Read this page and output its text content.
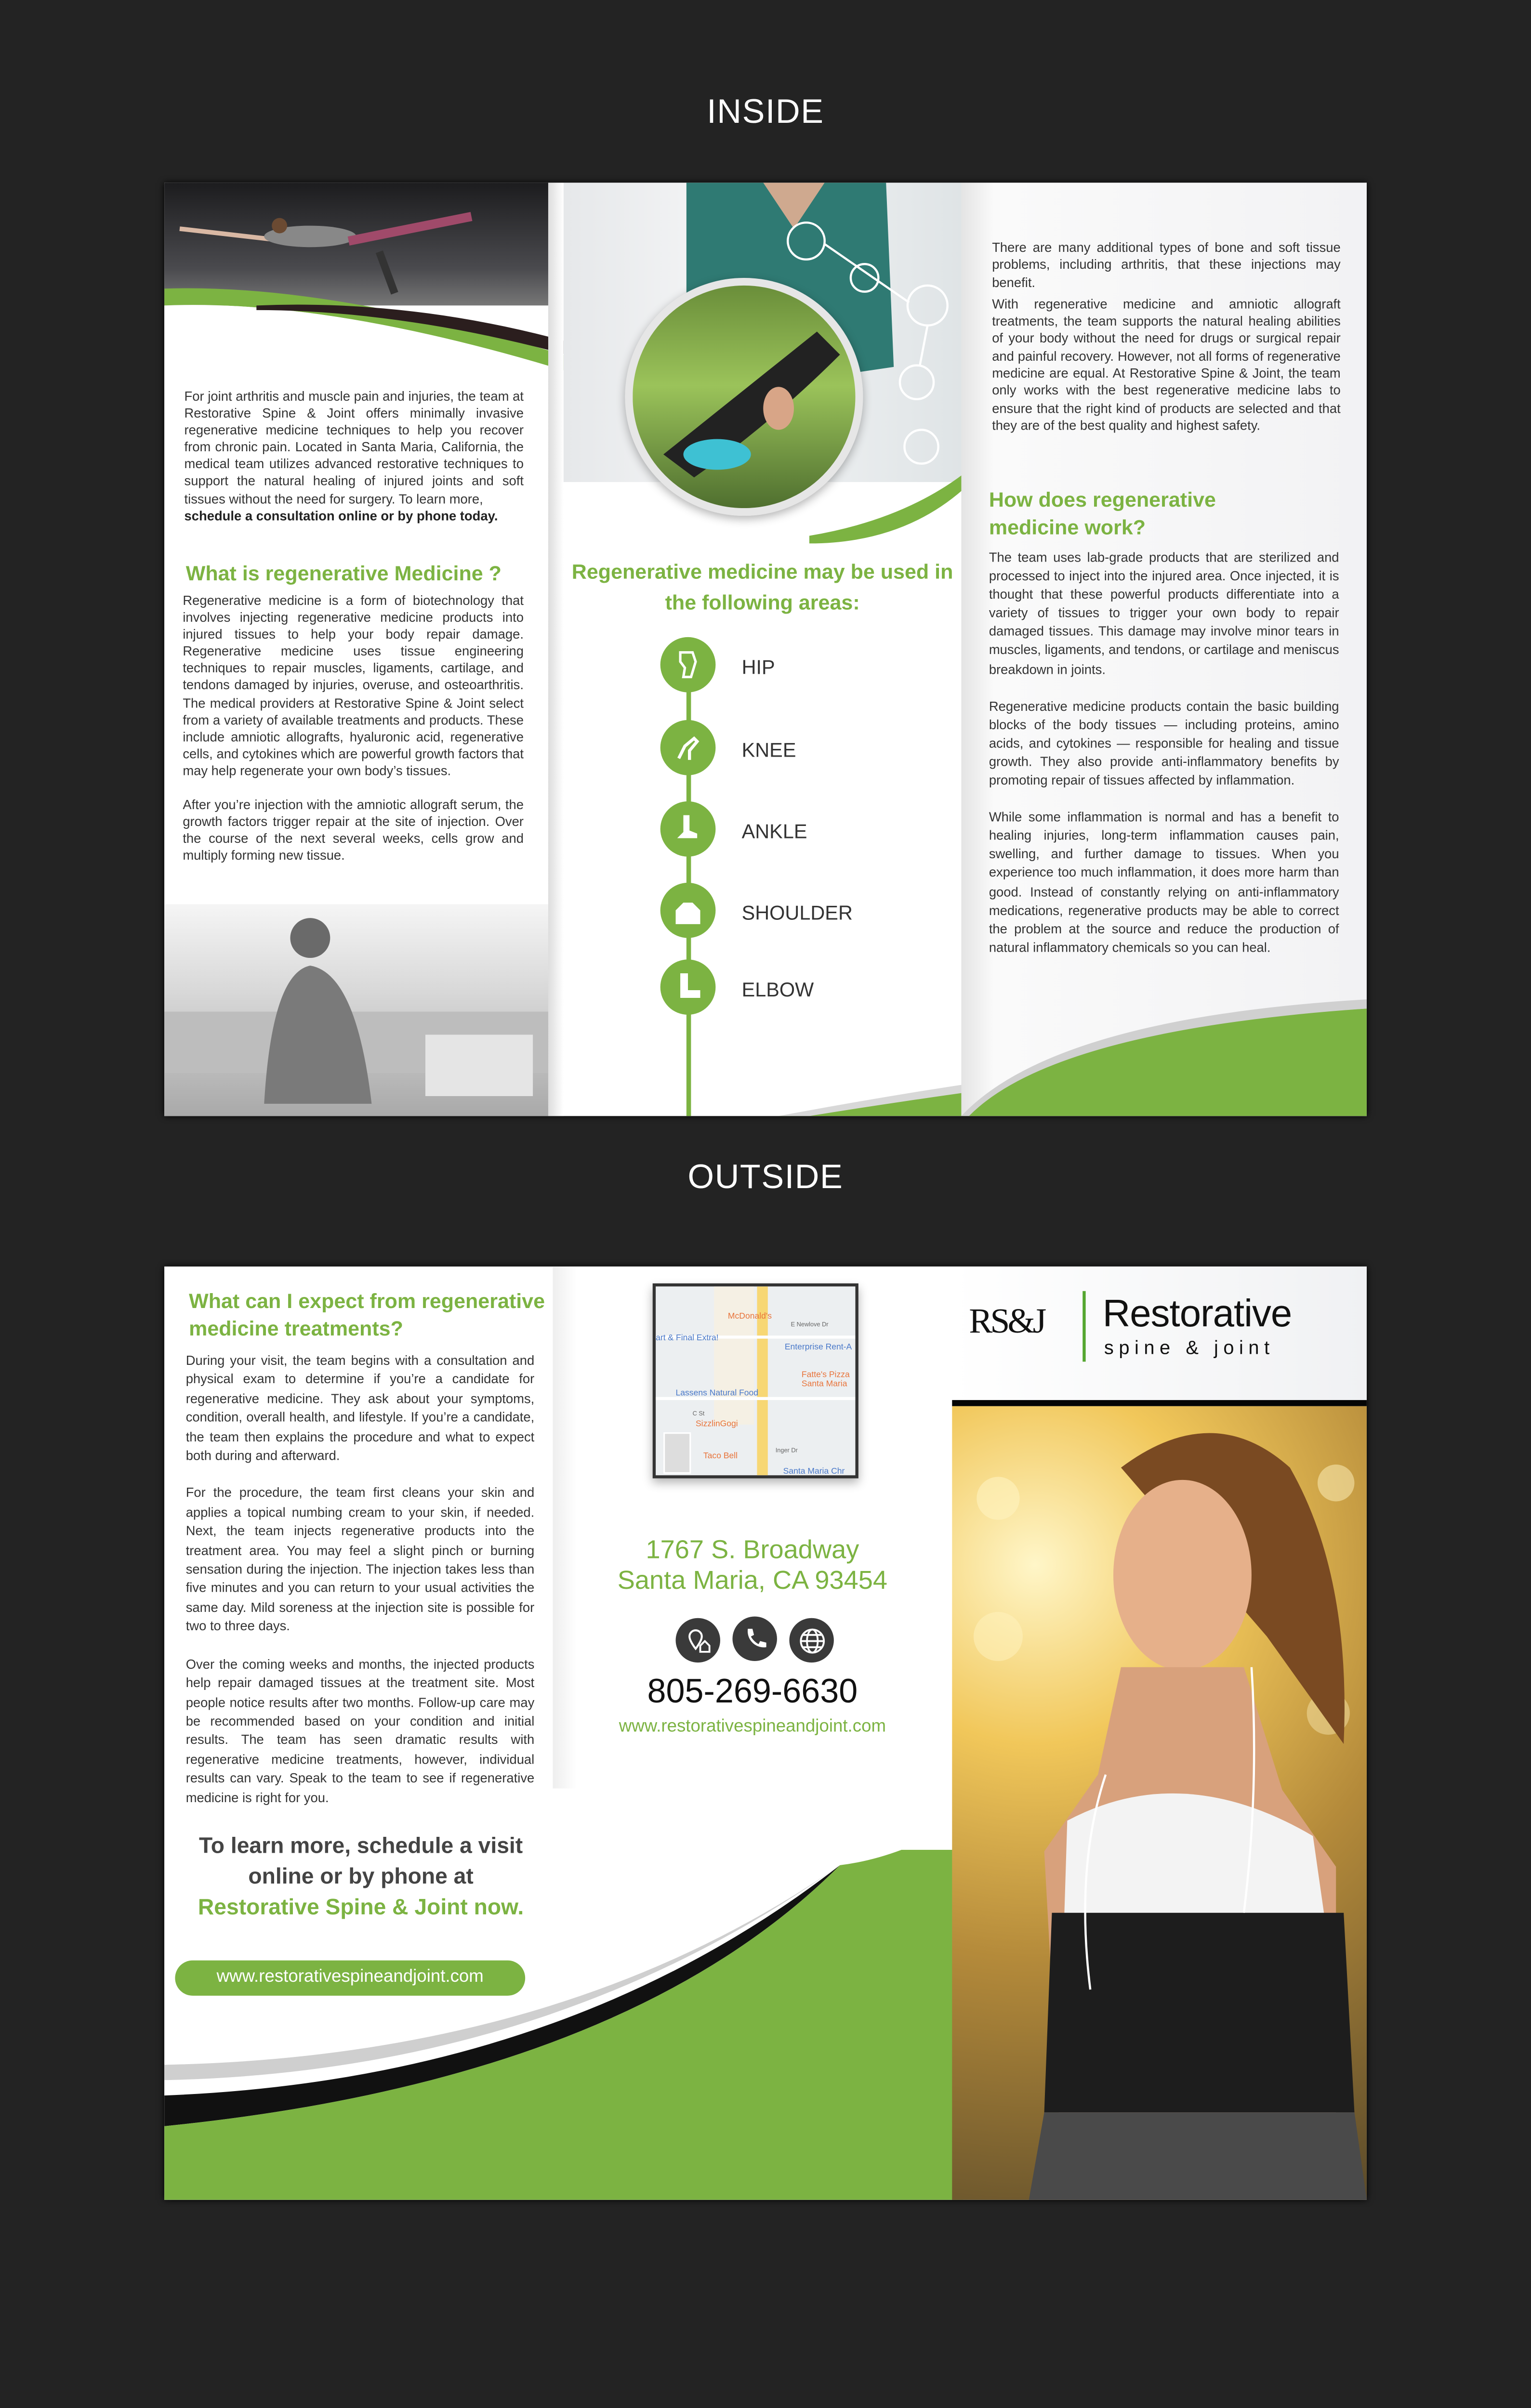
INSIDE

For joint arthritis and muscle pain and injuries, the team at Restorative Spine & Joint offers minimally invasive regenerative medicine techniques to help you recover from chronic pain. Located in Santa Maria, California, the medical team utilizes advanced restorative techniques to support the natural healing of injured joints and soft tissues without the need for surgery. To learn more,
schedule a consultation online or by phone today.

What is regenerative Medicine ?

Regenerative medicine is a form of biotechnology that involves injecting regenerative medicine products into injured tissues to help your body repair damage. Regenerative medicine uses tissue engineering techniques to repair muscles, ligaments, cartilage, and tendons damaged by injuries, overuse, and osteoarthritis. The medical providers at Restorative Spine & Joint select from a variety of available treatments and products. These include amniotic allografts, hyaluronic acid, regenerative cells, and cytokines which are powerful growth factors that may help regenerate your own body’s tissues.

After you’re injection with the amniotic allograft serum, the growth factors trigger repair at the site of injection. Over the course of the next several weeks, cells grow and multiply forming new tissue.

Regenerative medicine may be used in the following areas:

There are many additional types of bone and soft tissue problems, including arthritis, that these injections may benefit.

With regenerative medicine and amniotic allograft treatments, the team supports the natural healing abilities of your body without the need for drugs or surgical repair and painful recovery. However, not all forms of regenerative medicine are equal. At Restorative Spine & Joint, the team only works with the best regenerative medicine labs to ensure that the right kind of products are selected and that they are of the best quality and highest safety.

How does regenerative medicine work?

The team uses lab-grade products that are sterilized and processed to inject into the injured area. Once injected, it is thought that these powerful products differentiate into a variety of tissues to trigger your own body to repair damaged tissues. This damage may involve minor tears in muscles, ligaments, and tendons, or cartilage and meniscus breakdown in joints.

Regenerative medicine products contain the basic building blocks of the body tissues — including proteins, amino acids, and cytokines — responsible for healing and tissue growth. They also provide anti-inflammatory benefits by promoting repair of tissues affected by inflammation.

While some inflammation is normal and has a benefit to healing injuries, long-term inflammation causes pain, swelling, and further damage to tissues. When you experience too much inflammation, it does more harm than good. Instead of constantly relying on anti-inflammatory medications, regenerative products may be able to correct the problem at the source and reduce the production of natural inflammatory chemicals so you can heal.

HIP
KNEE
ANKLE
SHOULDER
ELBOW
OUTSIDE
What can I expect from regenerative medicine treatments?

During your visit, the team begins with a consultation and physical exam to determine if you’re a candidate for regenerative medicine. They ask about your symptoms, condition, overall health, and lifestyle. If you’re a candidate, the team then explains the procedure and what to expect both during and afterward.

For the procedure, the team first cleans your skin and applies a topical numbing cream to your skin, if needed. Next, the team injects regenerative products into the treatment area. You may feel a slight pinch or burning sensation during the injection. The injection takes less than five minutes and you can return to your usual activities the same day. Mild soreness at the injection site is possible for two to three days.

Over the coming weeks and months, the injected products help repair damaged tissues at the treatment site. Most people notice results after two months. Follow-up care may be recommended based on your condition and initial results. The team has seen dramatic results with regenerative medicine treatments, however, individual results can vary. Speak to the team to see if regenerative medicine is right for you.

To learn more, schedule a visit online or by phone at
Restorative Spine & Joint now.
www.restorativespineandjoint.com
McDonald's
E Newlove Dr
art & Final Extra!
Enterprise Rent-A
Fatte's Pizza Santa Maria
Lassens Natural Food
C St
SizzlinGogi
Inger Dr
Taco Bell
Santa Maria Chr
1767 S. Broadway
Santa Maria, CA 93454
805-269-6630
www.restorativespineandjoint.com
RS&J	Restorative
spine & joint
